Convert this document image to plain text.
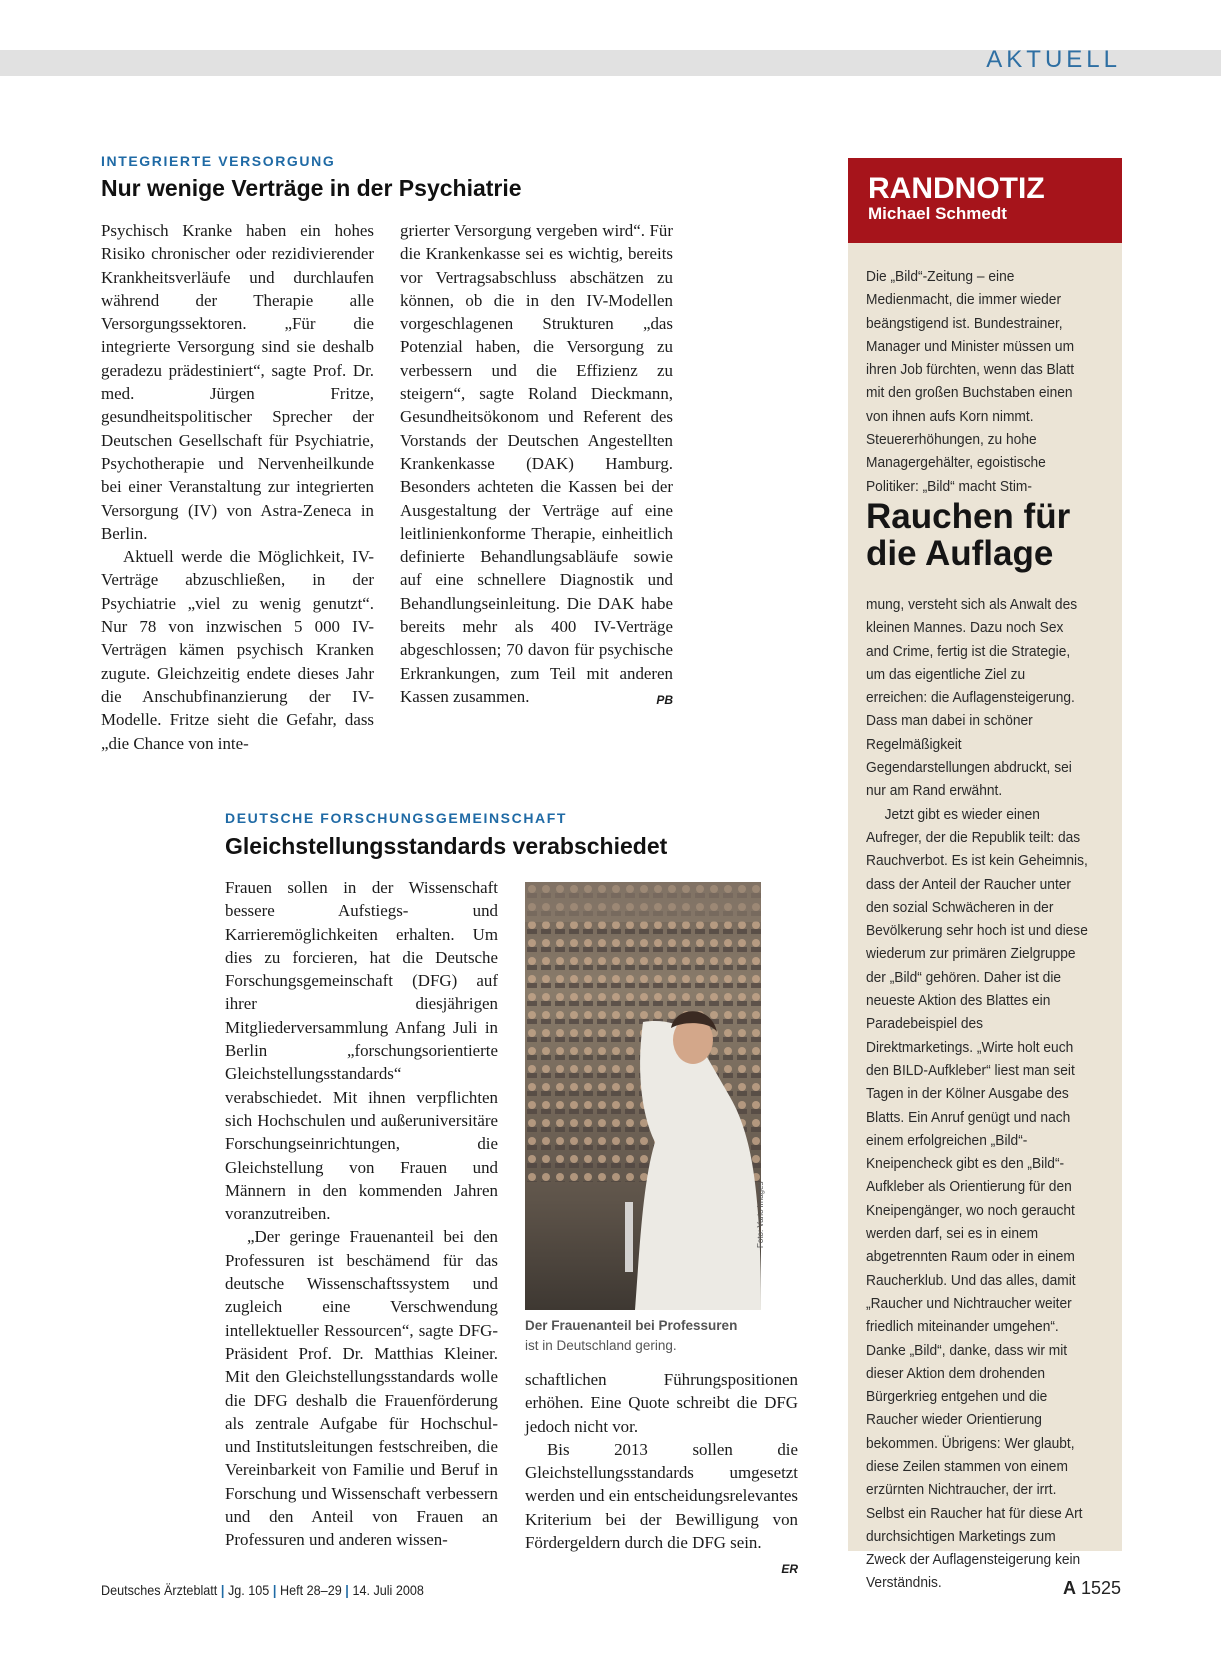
AKTUELL
INTEGRIERTE VERSORGUNG
Nur wenige Verträge in der Psychiatrie

Psychisch Kranke haben ein hohes Risiko chronischer oder rezidivierender Krankheitsverläufe und durchlaufen während der Therapie alle Versorgungssektoren. „Für die integrierte Versorgung sind sie deshalb geradezu prädestiniert“, sagte Prof. Dr. med. Jürgen Fritze, gesundheitspolitischer Sprecher der Deutschen Gesellschaft für Psychiatrie, Psychotherapie und Nervenheilkunde bei einer Veranstaltung zur integrierten Versorgung (IV) von Astra-Zeneca in Berlin.

Aktuell werde die Möglichkeit, IV-Verträge abzuschließen, in der Psychiatrie „viel zu wenig genutzt“. Nur 78 von inzwischen 5 000 IV-Verträgen kämen psychisch Kranken zugute. Gleichzeitig endete dieses Jahr die Anschubfinanzierung der IV-Modelle. Fritze sieht die Gefahr, dass „die Chance von inte-

grierter Versorgung vergeben wird“. Für die Krankenkasse sei es wichtig, bereits vor Vertragsabschluss abschätzen zu können, ob die in den IV-Modellen vorgeschlagenen Strukturen „das Potenzial haben, die Versorgung zu verbessern und die Effizienz zu steigern“, sagte Roland Dieckmann, Gesundheitsökonom und Referent des Vorstands der Deutschen Angestellten Krankenkasse (DAK) Hamburg. Besonders achteten die Kassen bei der Ausgestaltung der Verträge auf eine leitlinienkonforme Therapie, einheitlich definierte Behandlungsabläufe sowie auf eine schnellere Diagnostik und Behandlungseinleitung. Die DAK habe bereits mehr als 400 IV-Verträge abgeschlossen; 70 davon für psychische Erkrankungen, zum Teil mit anderen Kassen zusammen.	PB

DEUTSCHE FORSCHUNGSGEMEINSCHAFT
Gleichstellungsstandards verabschiedet

Frauen sollen in der Wissenschaft bessere Aufstiegs- und Karrieremöglichkeiten erhalten. Um dies zu forcieren, hat die Deutsche Forschungsgemeinschaft (DFG) auf ihrer diesjährigen Mitgliederversammlung Anfang Juli in Berlin „forschungsorientierte Gleichstellungsstandards“ verabschiedet. Mit ihnen verpflichten sich Hochschulen und außeruniversitäre Forschungseinrichtungen, die Gleichstellung von Frauen und Männern in den kommenden Jahren voranzutreiben.

„Der geringe Frauenanteil bei den Professuren ist beschämend für das deutsche Wissenschaftssystem und zugleich eine Verschwendung intellektueller Ressourcen“, sagte DFG-Präsident Prof. Dr. Matthias Kleiner. Mit den Gleichstellungsstandards wolle die DFG deshalb die Frauenförderung als zentrale Aufgabe für Hochschul- und Institutsleitungen festschreiben, die Vereinbarkeit von Familie und Beruf in Forschung und Wissenschaft verbessern und den Anteil von Frauen an Professuren und anderen wissen-

Foto: Vario images
Der Frauenanteil bei Professuren
ist in Deutschland gering.

schaftlichen Führungspositionen erhöhen. Eine Quote schreibt die DFG jedoch nicht vor.

Bis 2013 sollen die Gleichstellungsstandards umgesetzt werden und ein entscheidungsrelevantes Kriterium bei der Bewilligung von Fördergeldern durch die DFG sein.
ER

RANDNOTIZ
Michael Schmedt

Die „Bild“-Zeitung – eine Medienmacht, die immer wieder beängstigend ist. Bundestrainer, Manager und Minister müssen um ihren Job fürchten, wenn das Blatt mit den großen Buchstaben einen von ihnen aufs Korn nimmt. Steuererhöhungen, zu hohe Managergehälter, egoistische Politiker: „Bild“ macht Stim-

Rauchen für die Auflage

mung, versteht sich als Anwalt des kleinen Mannes. Dazu noch Sex and Crime, fertig ist die Strategie, um das eigentliche Ziel zu erreichen: die Auflagensteigerung. Dass man dabei in schöner Regelmäßigkeit Gegendarstellungen abdruckt, sei nur am Rand erwähnt.

Jetzt gibt es wieder einen Aufreger, der die Republik teilt: das Rauchverbot. Es ist kein Geheimnis, dass der Anteil der Raucher unter den sozial Schwächeren in der Bevölkerung sehr hoch ist und diese wiederum zur primären Zielgruppe der „Bild“ gehören. Daher ist die neueste Aktion des Blattes ein Paradebeispiel des Direktmarketings. „Wirte holt euch den BILD-Aufkleber“ liest man seit Tagen in der Kölner Ausgabe des Blatts. Ein Anruf genügt und nach einem erfolgreichen „Bild“-Kneipencheck gibt es den „Bild“-Aufkleber als Orientierung für den Kneipengänger, wo noch geraucht werden darf, sei es in einem abgetrennten Raum oder in einem Raucherklub. Und das alles, damit „Raucher und Nichtraucher weiter friedlich miteinander umgehen“. Danke „Bild“, danke, dass wir mit dieser Aktion dem drohenden Bürgerkrieg entgehen und die Raucher wieder Orientierung bekommen. Übrigens: Wer glaubt, diese Zeilen stammen von einem erzürnten Nichtraucher, der irrt. Selbst ein Raucher hat für diese Art durchsichtigen Marketings zum Zweck der Auflagensteigerung kein Verständnis.

Deutsches Ärzteblatt | Jg. 105 | Heft 28–29 | 14. Juli 2008	A 1525
